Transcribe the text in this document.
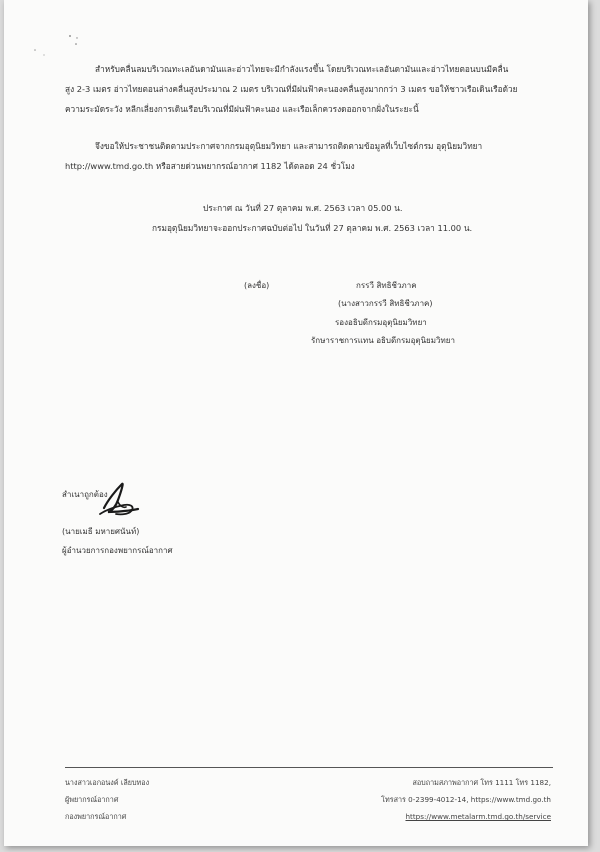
สำหรับคลื่นลมบริเวณทะเลอันดามันและอ่าวไทยจะมีกำลังแรงขึ้น โดยบริเวณทะเลอันดามันและอ่าวไทยตอนบนมีคลื่น
สูง 2-3 เมตร อ่าวไทยตอนล่างคลื่นสูงประมาณ 2 เมตร บริเวณที่มีฝนฟ้าคะนองคลื่นสูงมากกว่า 3 เมตร ขอให้ชาวเรือเดินเรือด้วย
ความระมัดระวัง หลีกเลี่ยงการเดินเรือบริเวณที่มีฝนฟ้าคะนอง และเรือเล็กควรงดออกจากฝั่งในระยะนี้
จึงขอให้ประชาชนติดตามประกาศจากกรมอุตุนิยมวิทยา และสามารถติดตามข้อมูลที่เว็บไซต์กรม อุตุนิยมวิทยา
http://www.tmd.go.th หรือสายด่วนพยากรณ์อากาศ 1182 ได้ตลอด 24 ชั่วโมง
ประกาศ ณ วันที่ 27 ตุลาคม พ.ศ. 2563 เวลา 05.00 น.
กรมอุตุนิยมวิทยาจะออกประกาศฉบับต่อไป ในวันที่ 27 ตุลาคม พ.ศ. 2563 เวลา 11.00 น.
(ลงชื่อ)	กรรวี สิทธิชีวภาค
(นางสาวกรรวี สิทธิชีวภาค)
รองอธิบดีกรมอุตุนิยมวิทยา
รักษาราชการแทน อธิบดีกรมอุตุนิยมวิทยา
สำเนาถูกต้อง
(นายเมธี มหายศนันท์)
ผู้อำนวยการกองพยากรณ์อากาศ
นางสาวเอกอนงค์ เลียบทอง
ผู้พยากรณ์อากาศ
กองพยากรณ์อากาศ
สอบถามสภาพอากาศ โทร 1111 โทร 1182,
โทรสาร 0-2399-4012-14, https://www.tmd.go.th
https://www.metalarm.tmd.go.th/service
